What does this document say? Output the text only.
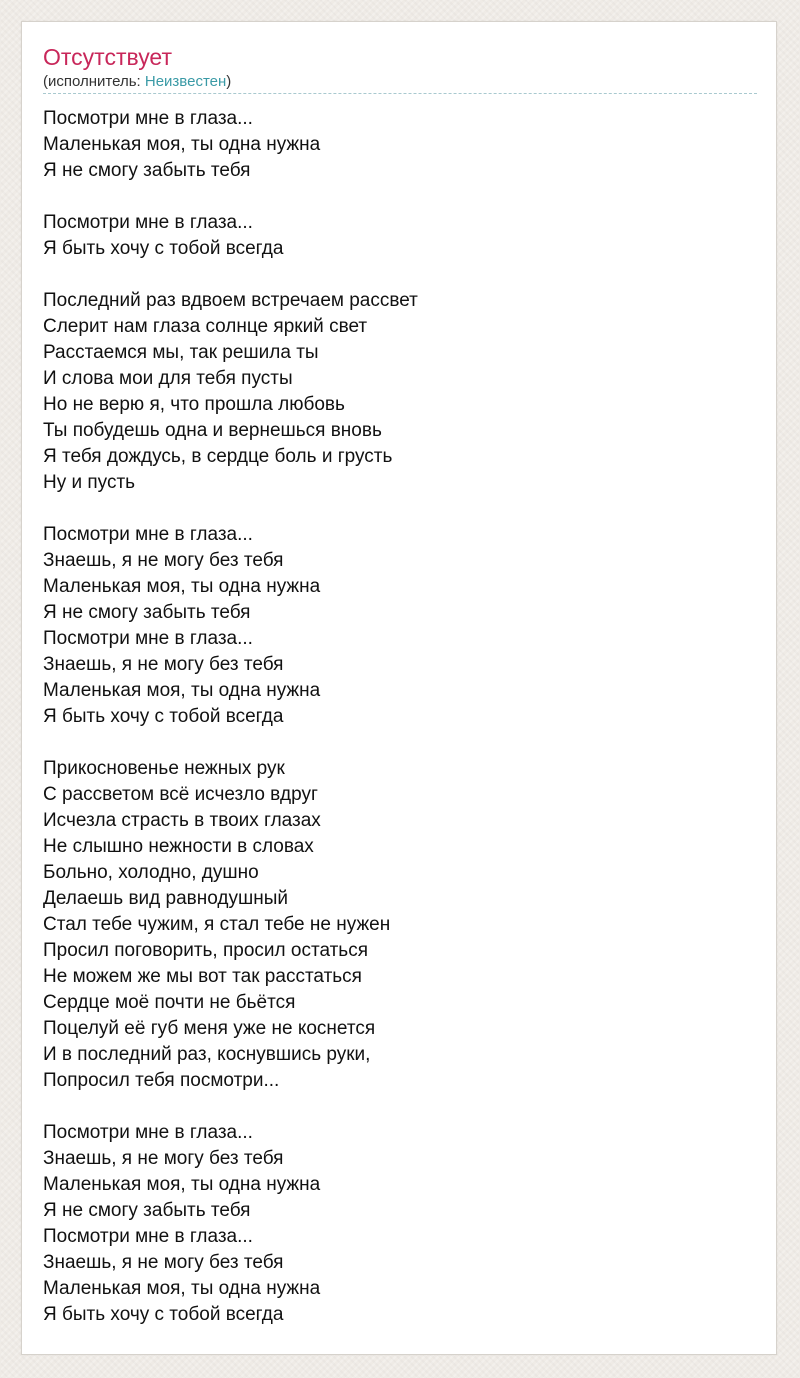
Отсутствует
(исполнитель: Неизвестен)
Посмотри мне в глаза...
Маленькая моя, ты одна нужна
Я не смогу забыть тебя
Посмотри мне в глаза...
Я быть хочу с тобой всегда
Последний раз вдвоем встречаем рассвет
Слерит нам глаза солнце яркий свет
Расстаемся мы, так решила ты
И слова мои для тебя пусты
Но не верю я, что прошла любовь
Ты побудешь одна и вернешься вновь
Я тебя дождусь, в сердце боль и грусть
Ну и пусть
Посмотри мне в глаза...
Знаешь, я не могу без тебя
Маленькая моя, ты одна нужна
Я не смогу забыть тебя
Посмотри мне в глаза...
Знаешь, я не могу без тебя
Маленькая моя, ты одна нужна
Я быть хочу с тобой всегда
Прикосновенье нежных рук
С рассветом всё исчезло вдруг
Исчезла страсть в твоих глазах
Не слышно нежности в словах
Больно, холодно, душно
Делаешь вид равнодушный
Стал тебе чужим, я стал тебе не нужен
Просил поговорить, просил остаться
Не можем же мы вот так расстаться
Сердце моё почти не бьётся
Поцелуй её губ меня уже не коснется
И в последний раз, коснувшись руки,
Попросил тебя посмотри...
Посмотри мне в глаза...
Знаешь, я не могу без тебя
Маленькая моя, ты одна нужна
Я не смогу забыть тебя
Посмотри мне в глаза...
Знаешь, я не могу без тебя
Маленькая моя, ты одна нужна
Я быть хочу с тобой всегда
